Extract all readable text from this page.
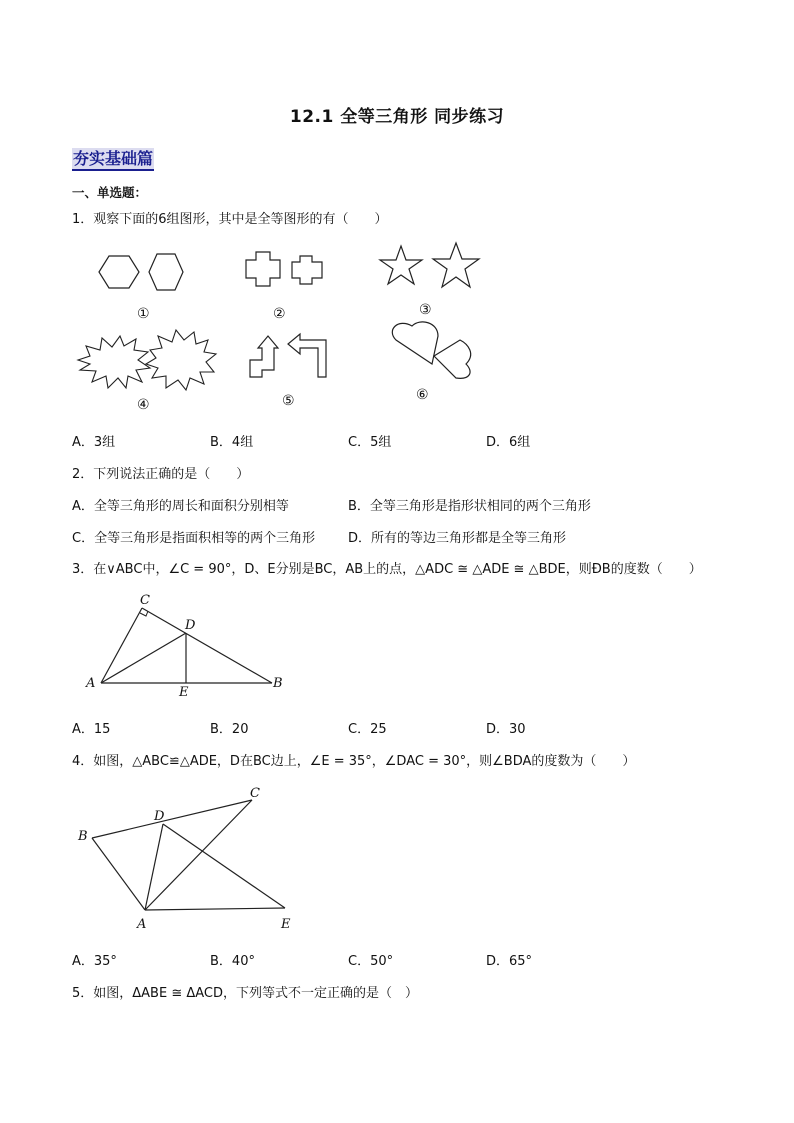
12.1 全等三角形 同步练习
夯实基础篇
一、单选题：
1．观察下面的6组图形，其中是全等图形的有（　　）
①	②	③
④	⑤	⑥
A．3组	B．4组	C．5组	D．6组
2．下列说法正确的是（　　）
A．全等三角形的周长和面积分别相等	B．全等三角形是指形状相同的两个三角形
C．全等三角形是指面积相等的两个三角形	D．所有的等边三角形都是全等三角形
3．在∨ABC中，∠C = 90°，D、E分别是BC，AB上的点，△ADC ≅ △ADE ≅ △BDE，则ÐB的度数（　　）
C
D
A
E
B
A．15	B．20	C．25	D．30
4．如图，△ABC≌△ADE，D在BC边上，∠E = 35°，∠DAC = 30°，则∠BDA的度数为（　　）
C
D
B
A	E
A．35°	B．40°	C．50°	D．65°
5．如图，ΔABE ≅ ΔACD，下列等式不一定正确的是（　）
